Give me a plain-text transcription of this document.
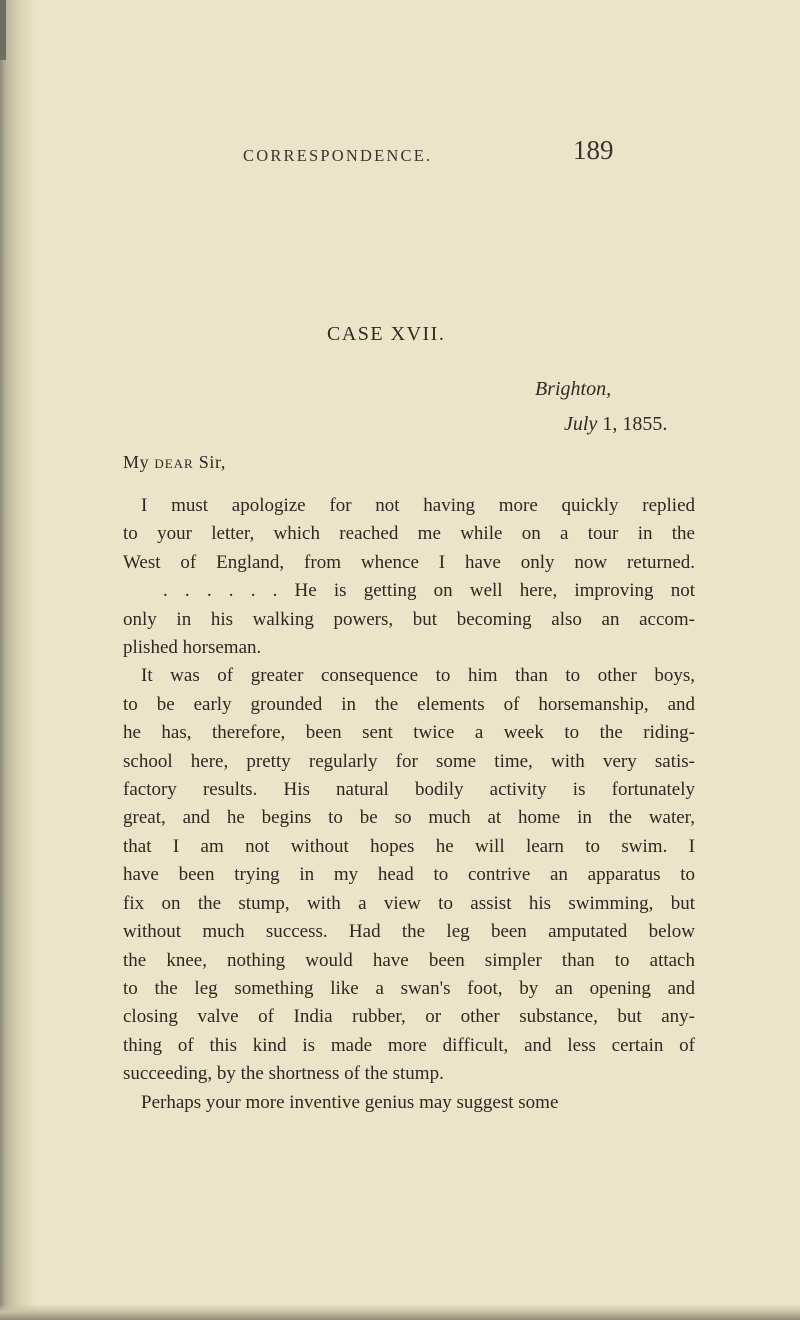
CORRESPONDENCE.	189
CASE XVII.
Brighton,
July 1, 1855.
My DEAR Sir,

I must apologize for not having more quickly replied
to your letter, which reached me while on a tour in the
West of England, from whence I have only now returned.
. . . . . . He is getting on well here, improving not
only in his walking powers, but becoming also an accom-
plished horseman.

It was of greater consequence to him than to other boys,
to be early grounded in the elements of horsemanship, and
he has, therefore, been sent twice a week to the riding-
school here, pretty regularly for some time, with very satis-
factory results. His natural bodily activity is fortunately
great, and he begins to be so much at home in the water,
that I am not without hopes he will learn to swim. I
have been trying in my head to contrive an apparatus to
fix on the stump, with a view to assist his swimming, but
without much success. Had the leg been amputated below
the knee, nothing would have been simpler than to attach
to the leg something like a swan's foot, by an opening and
closing valve of India rubber, or other substance, but any-
thing of this kind is made more difficult, and less certain of
succeeding, by the shortness of the stump.

Perhaps your more inventive genius may suggest some
